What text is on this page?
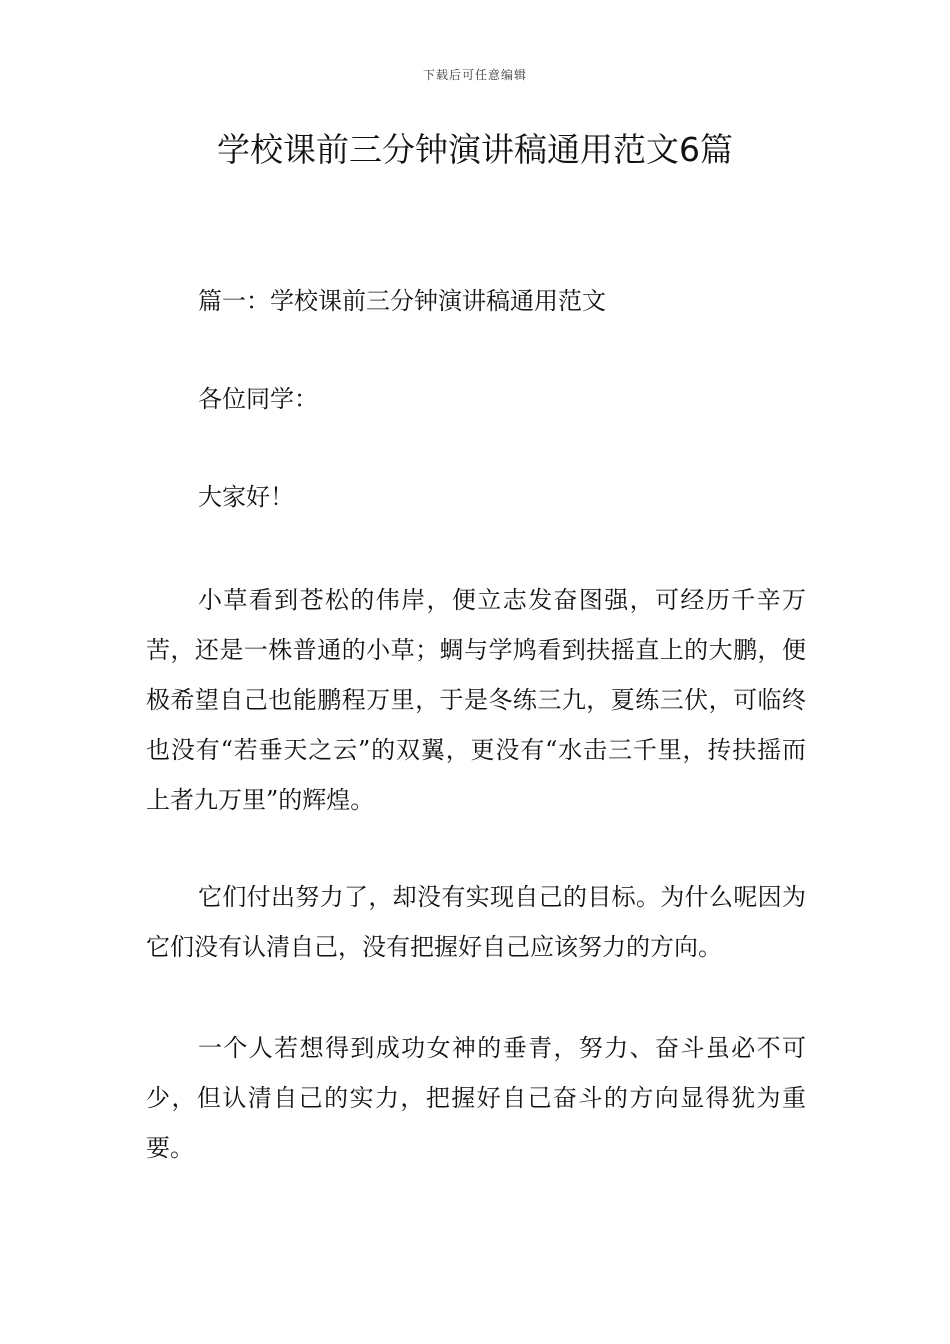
下载后可任意编辑
学校课前三分钟演讲稿通用范文6篇

篇一：学校课前三分钟演讲稿通用范文

各位同学：

大家好！

小草看到苍松的伟岸，便立志发奋图强，可经历千辛万苦，还是一株普通的小草；蜩与学鸠看到扶摇直上的大鹏，便极希望自己也能鹏程万里，于是冬练三九，夏练三伏，可临终也没有“若垂天之云”的双翼，更没有“水击三千里，抟扶摇而上者九万里”的辉煌。

它们付出努力了，却没有实现自己的目标。为什么呢因为它们没有认清自己，没有把握好自己应该努力的方向。

一个人若想得到成功女神的垂青，努力、奋斗虽必不可少，但认清自己的实力，把握好自己奋斗的方向显得犹为重要。
